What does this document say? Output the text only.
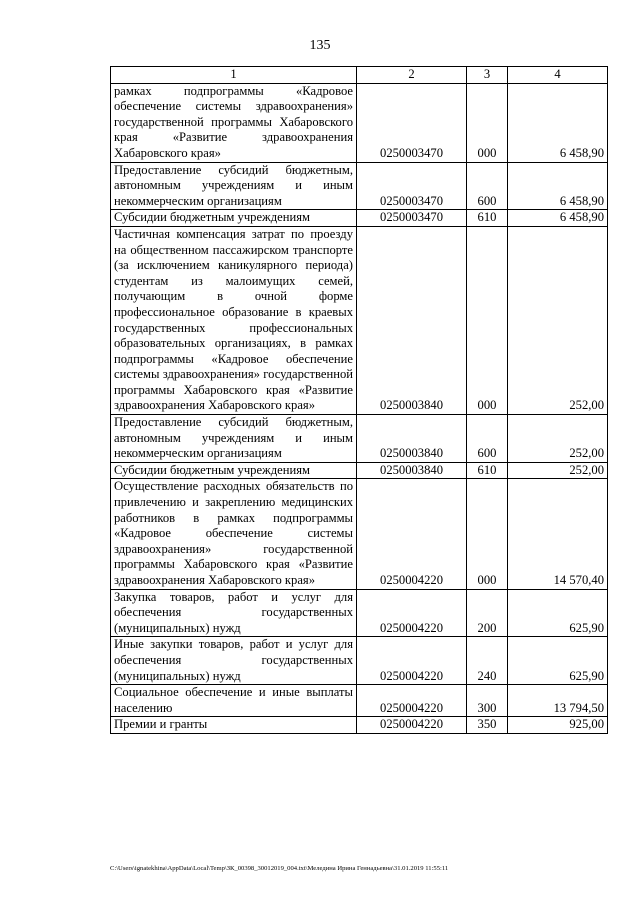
135
1	2	3	4
рамках подпрограммы «Кадровое обеспечение системы здравоохранения» государственной программы Хабаровского края «Развитие здравоохранения Хабаровского края»	0250003470	000	6 458,90
Предоставление субсидий бюджетным, автономным учреждениям и иным некоммерческим организациям	0250003470	600	6 458,90
Субсидии бюджетным учреждениям	0250003470	610	6 458,90
Частичная компенсация затрат по проезду на общественном пассажирском транспорте (за исключением каникулярного периода) студентам из малоимущих семей, получающим в очной форме профессиональное образование в краевых государственных профессиональных образовательных организациях, в рамках подпрограммы «Кадровое обеспечение системы здравоохранения» государственной программы Хабаровского края «Развитие здравоохранения Хабаровского края»	0250003840	000	252,00
Предоставление субсидий бюджетным, автономным учреждениям и иным некоммерческим организациям	0250003840	600	252,00
Субсидии бюджетным учреждениям	0250003840	610	252,00
Осуществление расходных обязательств по привлечению и закреплению медицинских работников в рамках подпрограммы «Кадровое обеспечение системы здравоохранения» государственной программы Хабаровского края «Развитие здравоохранения Хабаровского края»	0250004220	000	14 570,40
Закупка товаров, работ и услуг для обеспечения государственных (муниципальных) нужд	0250004220	200	625,90
Иные закупки товаров, работ и услуг для обеспечения государственных (муниципальных) нужд	0250004220	240	625,90
Социальное обеспечение и иные выплаты населению	0250004220	300	13 794,50
Премии и гранты	0250004220	350	925,00
C:\Users\ignatekhina\AppData\Local\Temp\ЗК_00398_30012019_004.txt\Меледина Ирина Геннадьевна\31.01.2019 11:55:11
